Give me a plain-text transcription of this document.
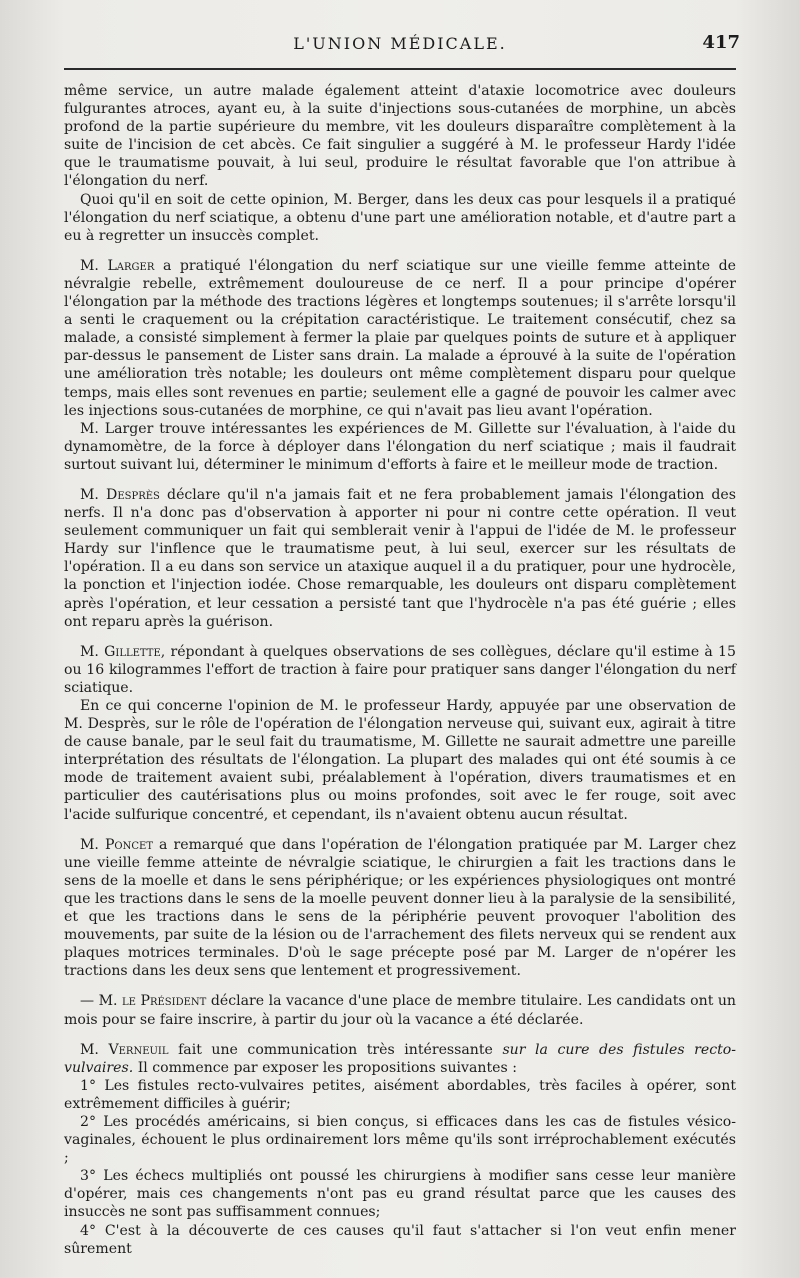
L'UNION MÉDICALE.	417

même service, un autre malade également atteint d'ataxie locomotrice avec douleurs fulgurantes atroces, ayant eu, à la suite d'injections sous-cutanées de morphine, un abcès profond de la partie supérieure du membre, vit les douleurs disparaître complètement à la suite de l'incision de cet abcès. Ce fait singulier a suggéré à M. le professeur Hardy l'idée que le traumatisme pouvait, à lui seul, produire le résultat favorable que l'on attribue à l'élongation du nerf.

Quoi qu'il en soit de cette opinion, M. Berger, dans les deux cas pour lesquels il a pratiqué l'élongation du nerf sciatique, a obtenu d'une part une amélioration notable, et d'autre part a eu à regretter un insuccès complet.

M. Larger a pratiqué l'élongation du nerf sciatique sur une vieille femme atteinte de névralgie rebelle, extrêmement douloureuse de ce nerf. Il a pour principe d'opérer l'élongation par la méthode des tractions légères et longtemps soutenues; il s'arrête lorsqu'il a senti le craquement ou la crépitation caractéristique. Le traitement consécutif, chez sa malade, a consisté simplement à fermer la plaie par quelques points de suture et à appliquer par-dessus le pansement de Lister sans drain. La malade a éprouvé à la suite de l'opération une amélioration très notable; les douleurs ont même complètement disparu pour quelque temps, mais elles sont revenues en partie; seulement elle a gagné de pouvoir les calmer avec les injections sous-cutanées de morphine, ce qui n'avait pas lieu avant l'opération.

M. Larger trouve intéressantes les expériences de M. Gillette sur l'évaluation, à l'aide du dynamomètre, de la force à déployer dans l'élongation du nerf sciatique ; mais il faudrait surtout suivant lui, déterminer le minimum d'efforts à faire et le meilleur mode de traction.

M. Desprès déclare qu'il n'a jamais fait et ne fera probablement jamais l'élongation des nerfs. Il n'a donc pas d'observation à apporter ni pour ni contre cette opération. Il veut seulement communiquer un fait qui semblerait venir à l'appui de l'idée de M. le professeur Hardy sur l'inflence que le traumatisme peut, à lui seul, exercer sur les résultats de l'opération. Il a eu dans son service un ataxique auquel il a du pratiquer, pour une hydrocèle, la ponction et l'injection iodée. Chose remarquable, les douleurs ont disparu complètement après l'opération, et leur cessation a persisté tant que l'hydrocèle n'a pas été guérie ; elles ont reparu après la guérison.

M. Gillette, répondant à quelques observations de ses collègues, déclare qu'il estime à 15 ou 16 kilogrammes l'effort de traction à faire pour pratiquer sans danger l'élongation du nerf sciatique.

En ce qui concerne l'opinion de M. le professeur Hardy, appuyée par une observation de M. Desprès, sur le rôle de l'opération de l'élongation nerveuse qui, suivant eux, agirait à titre de cause banale, par le seul fait du traumatisme, M. Gillette ne saurait admettre une pareille interprétation des résultats de l'élongation. La plupart des malades qui ont été soumis à ce mode de traitement avaient subi, préalablement à l'opération, divers traumatismes et en particulier des cautérisations plus ou moins profondes, soit avec le fer rouge, soit avec l'acide sulfurique concentré, et cependant, ils n'avaient obtenu aucun résultat.

M. Poncet a remarqué que dans l'opération de l'élongation pratiquée par M. Larger chez une vieille femme atteinte de névralgie sciatique, le chirurgien a fait les tractions dans le sens de la moelle et dans le sens périphérique; or les expériences physiologiques ont montré que les tractions dans le sens de la moelle peuvent donner lieu à la paralysie de la sensibilité, et que les tractions dans le sens de la périphérie peuvent provoquer l'abolition des mouvements, par suite de la lésion ou de l'arrachement des filets nerveux qui se rendent aux plaques motrices terminales. D'où le sage précepte posé par M. Larger de n'opérer les tractions dans les deux sens que lentement et progressivement.

— M. le Président déclare la vacance d'une place de membre titulaire. Les candidats ont un mois pour se faire inscrire, à partir du jour où la vacance a été déclarée.

M. Verneuil fait une communication très intéressante sur la cure des fistules recto-vulvaires. Il commence par exposer les propositions suivantes :

1° Les fistules recto-vulvaires petites, aisément abordables, très faciles à opérer, sont extrêmement difficiles à guérir;

2° Les procédés américains, si bien conçus, si efficaces dans les cas de fistules vésico-vaginales, échouent le plus ordinairement lors même qu'ils sont irréprochablement exécutés ;

3° Les échecs multipliés ont poussé les chirurgiens à modifier sans cesse leur manière d'opérer, mais ces changements n'ont pas eu grand résultat parce que les causes des insuccès ne sont pas suffisamment connues;

4° C'est à la découverte de ces causes qu'il faut s'attacher si l'on veut enfin mener sûrement
